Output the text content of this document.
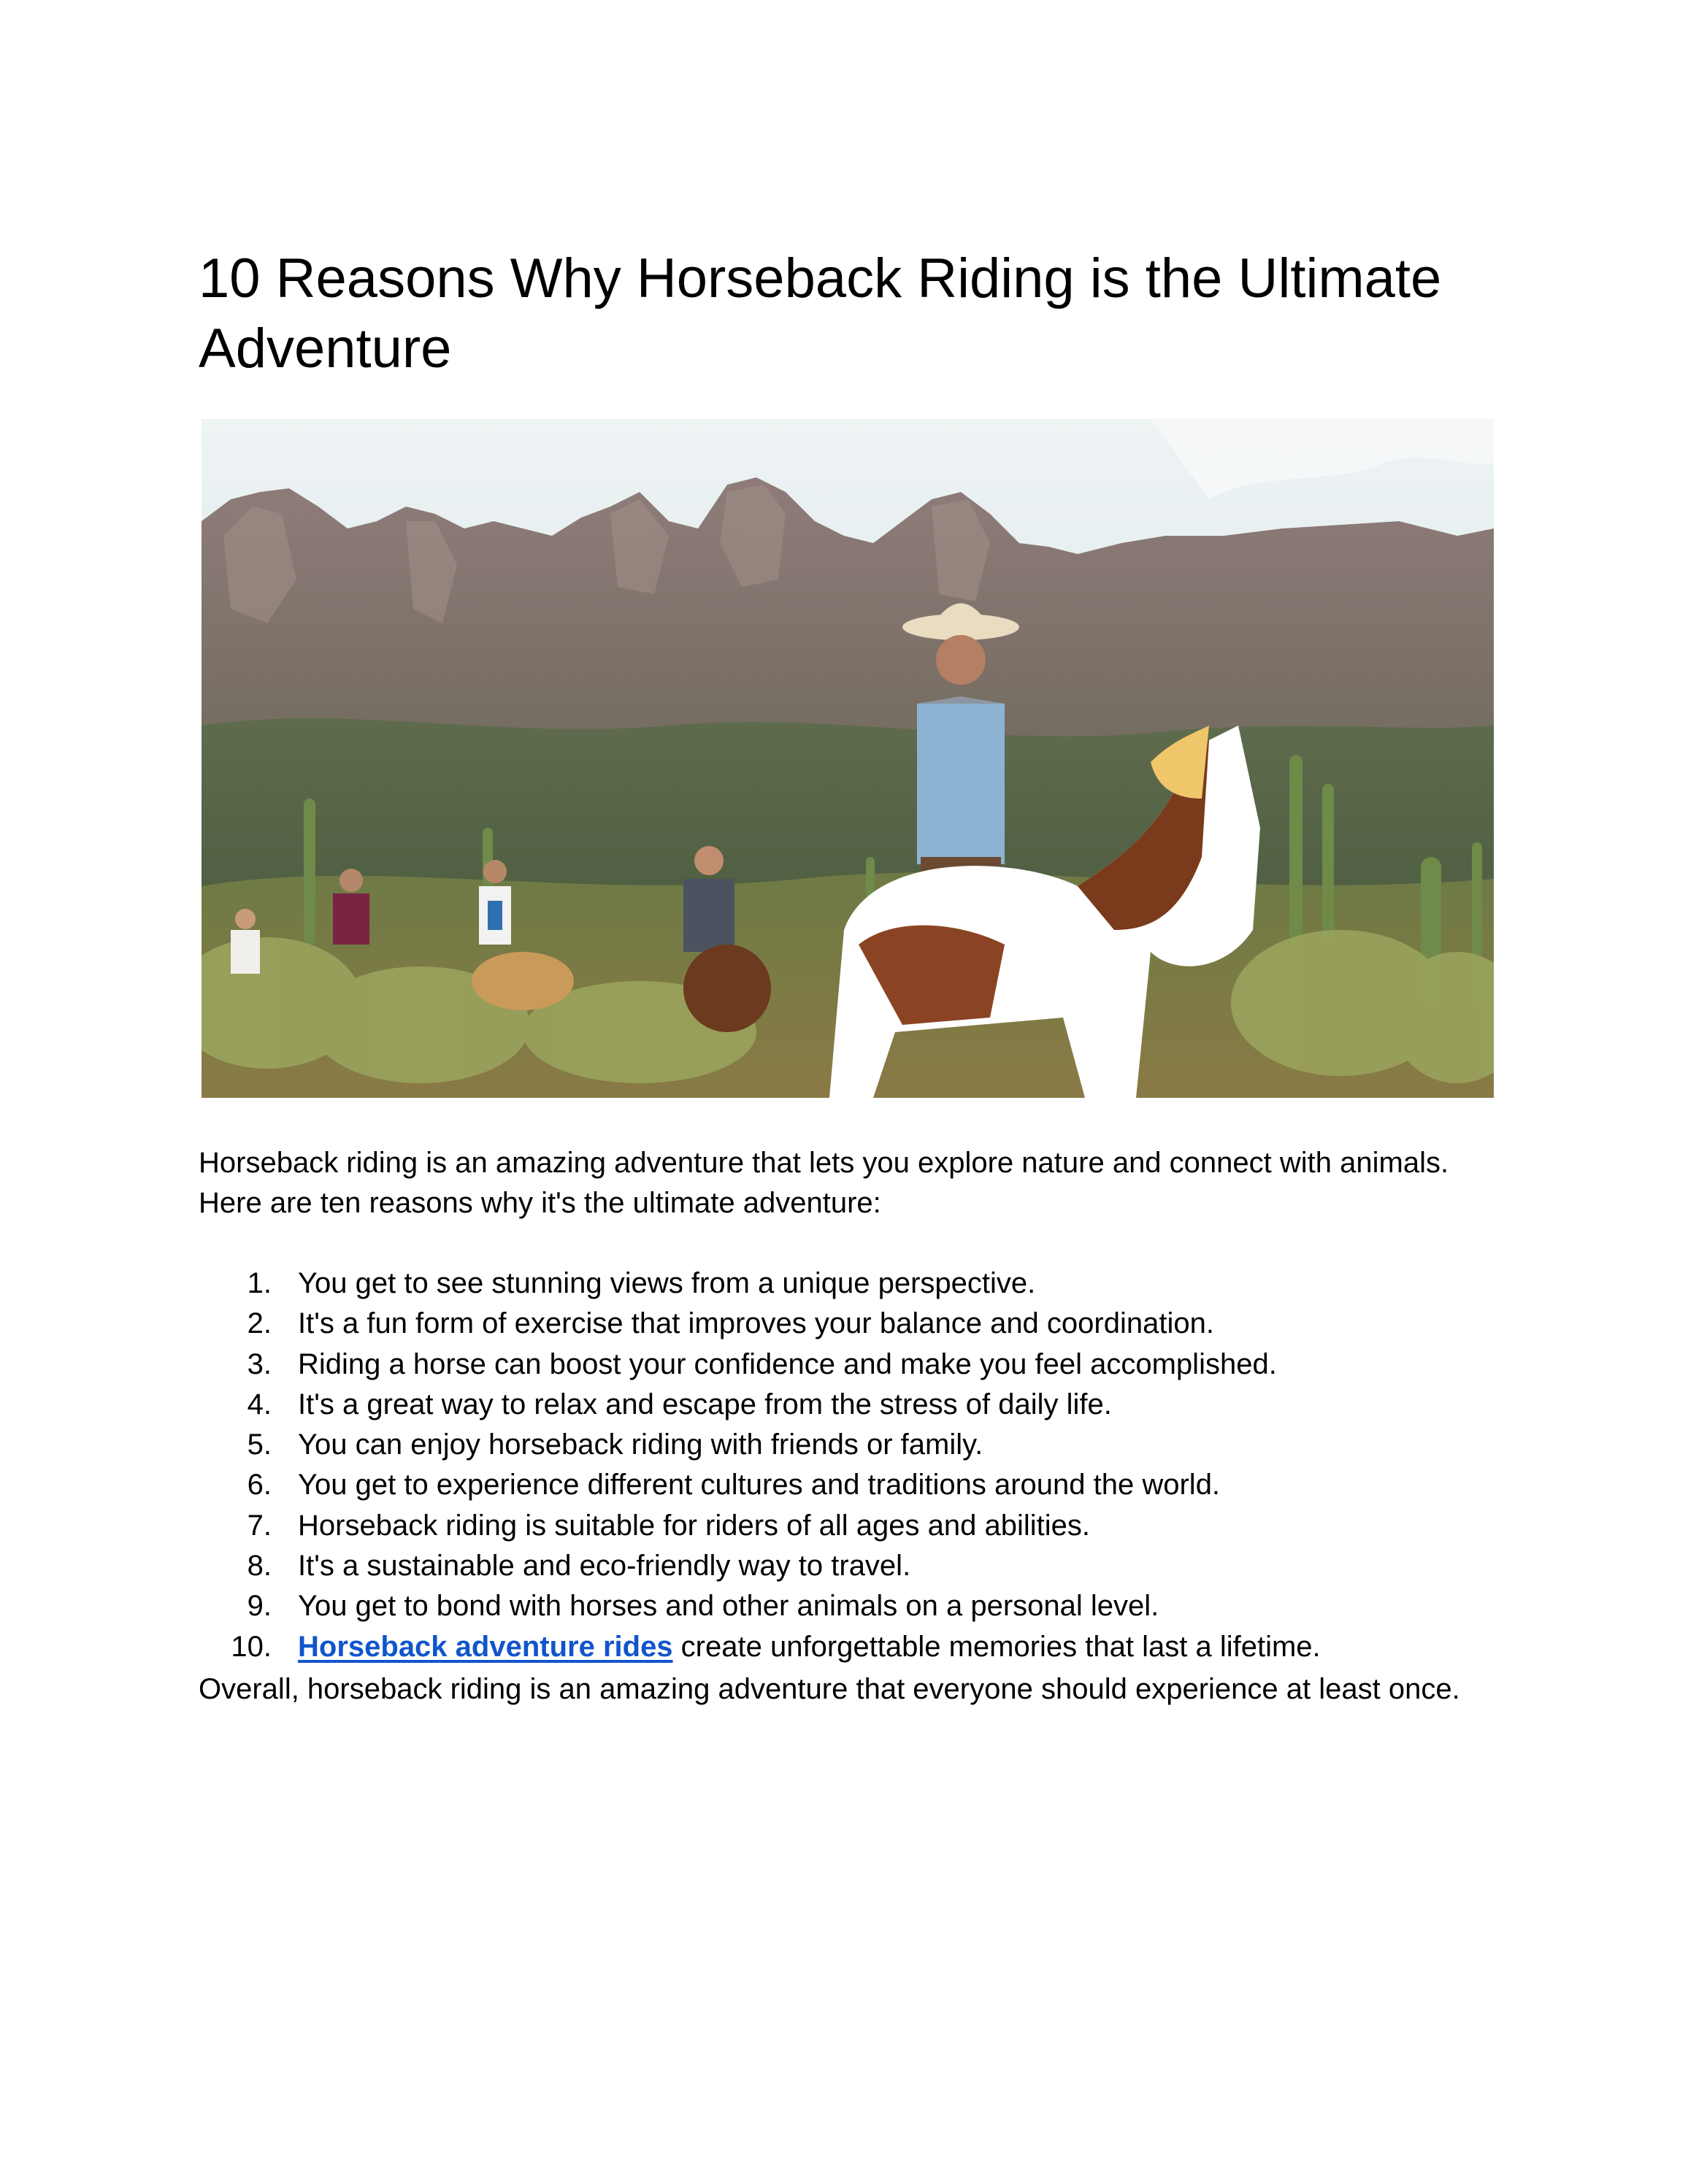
10 Reasons Why Horseback Riding is the Ultimate Adventure

Horseback riding is an amazing adventure that lets you explore nature and connect with animals. Here are ten reasons why it's the ultimate adventure:

1. You get to see stunning views from a unique perspective.
2. It's a fun form of exercise that improves your balance and coordination.
3. Riding a horse can boost your confidence and make you feel accomplished.
4. It's a great way to relax and escape from the stress of daily life.
5. You can enjoy horseback riding with friends or family.
6. You get to experience different cultures and traditions around the world.
7. Horseback riding is suitable for riders of all ages and abilities.
8. It's a sustainable and eco-friendly way to travel.
9. You get to bond with horses and other animals on a personal level.
10. Horseback adventure rides create unforgettable memories that last a lifetime.

Overall, horseback riding is an amazing adventure that everyone should experience at least once.
